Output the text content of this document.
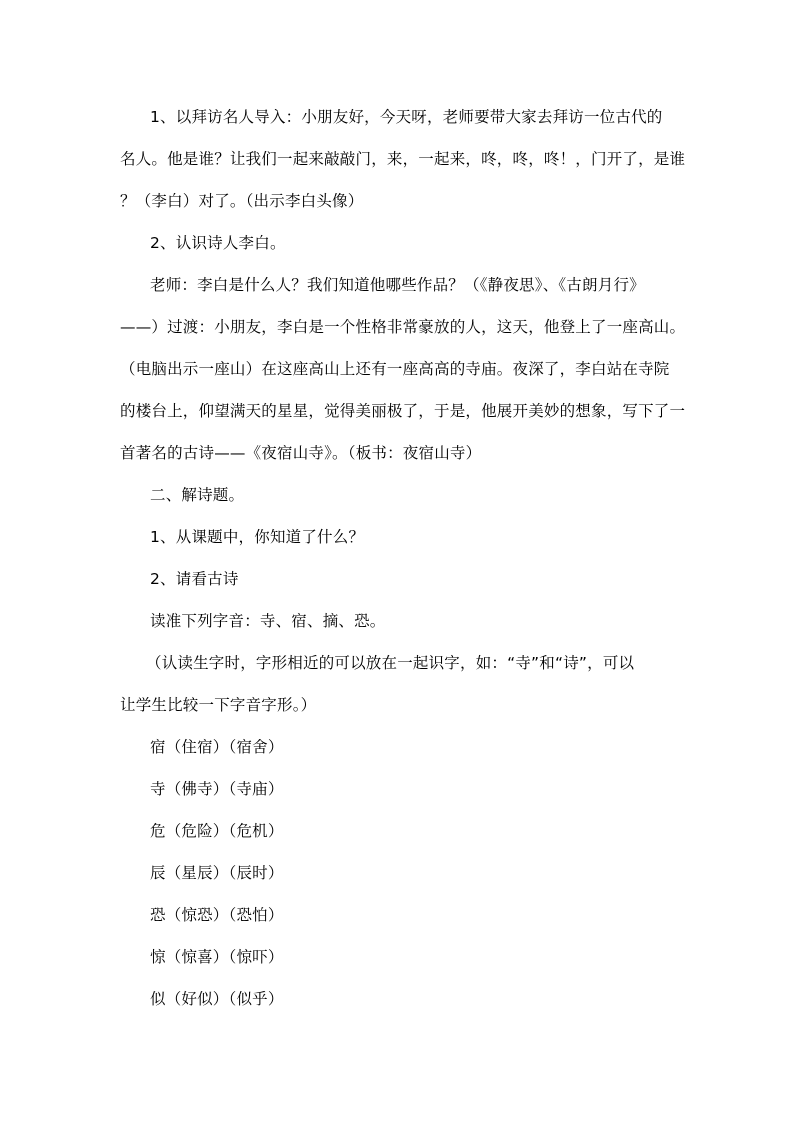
1、以拜访名人导入：小朋友好，今天呀，老师要带大家去拜访一位古代的
名人。他是谁？让我们一起来敲敲门，来，一起来，咚，咚，咚！，门开了，是谁
？（李白）对了。（出示李白头像）
2、认识诗人李白。
老师：李白是什么人？我们知道他哪些作品？（《静夜思》、《古朗月行》
——）过渡：小朋友，李白是一个性格非常豪放的人，这天，他登上了一座高山。
（电脑出示一座山）在这座高山上还有一座高高的寺庙。夜深了，李白站在寺院
的楼台上，仰望满天的星星，觉得美丽极了，于是，他展开美妙的想象，写下了一
首著名的古诗——《夜宿山寺》。（板书：夜宿山寺）
二、解诗题。
1、从课题中，你知道了什么？
2、请看古诗
读准下列字音：寺、宿、摘、恐。
（认读生字时，字形相近的可以放在一起识字，如：“寺”和“诗”，可以
让学生比较一下字音字形。）
宿（住宿）（宿舍）
寺（佛寺）（寺庙）
危（危险）（危机）
辰（星辰）（辰时）
恐（惊恐）（恐怕）
惊（惊喜）（惊吓）
似（好似）（似乎）
